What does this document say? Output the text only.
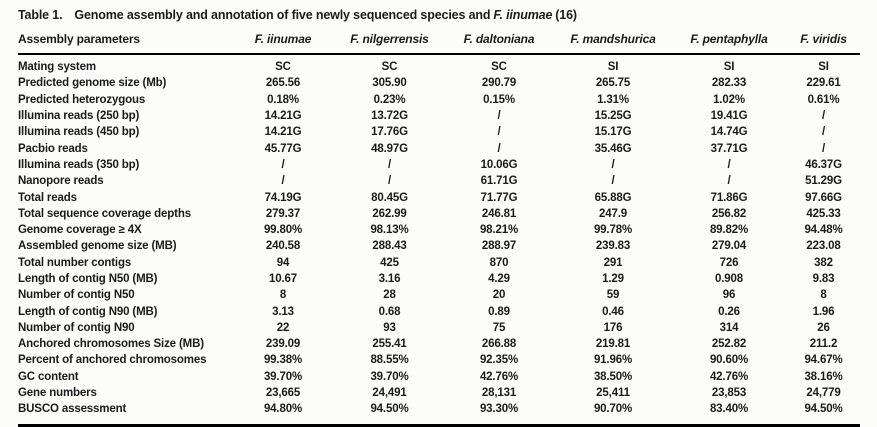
Table 1. Genome assembly and annotation of five newly sequenced species and F. iinumae (16)
Assembly parameters	F. iinumae	F. nilgerrensis	F. daltoniana	F. mandshurica	F. pentaphylla	F. viridis
Mating system	SC	SC	SC	SI	SI	SI
Predicted genome size (Mb)	265.56	305.90	290.79	265.75	282.33	229.61
Predicted heterozygous	0.18%	0.23%	0.15%	1.31%	1.02%	0.61%
Illumina reads (250 bp)	14.21G	13.72G	/	15.25G	19.41G	/
Illumina reads (450 bp)	14.21G	17.76G	/	15.17G	14.74G	/
Pacbio reads	45.77G	48.97G	/	35.46G	37.71G	/
Illumina reads (350 bp)	/	/	10.06G	/	/	46.37G
Nanopore reads	/	/	61.71G	/	/	51.29G
Total reads	74.19G	80.45G	71.77G	65.88G	71.86G	97.66G
Total sequence coverage depths	279.37	262.99	246.81	247.9	256.82	425.33
Genome coverage ≥ 4X	99.80%	98.13%	98.21%	99.78%	89.82%	94.48%
Assembled genome size (MB)	240.58	288.43	288.97	239.83	279.04	223.08
Total number contigs	94	425	870	291	726	382
Length of contig N50 (MB)	10.67	3.16	4.29	1.29	0.908	9.83
Number of contig N50	8	28	20	59	96	8
Length of contig N90 (MB)	3.13	0.68	0.89	0.46	0.26	1.96
Number of contig N90	22	93	75	176	314	26
Anchored chromosomes Size (MB)	239.09	255.41	266.88	219.81	252.82	211.2
Percent of anchored chromosomes	99.38%	88.55%	92.35%	91.96%	90.60%	94.67%
GC content	39.70%	39.70%	42.76%	38.50%	42.76%	38.16%
Gene numbers	23,665	24,491	28,131	25,411	23,853	24,779
BUSCO assessment	94.80%	94.50%	93.30%	90.70%	83.40%	94.50%
